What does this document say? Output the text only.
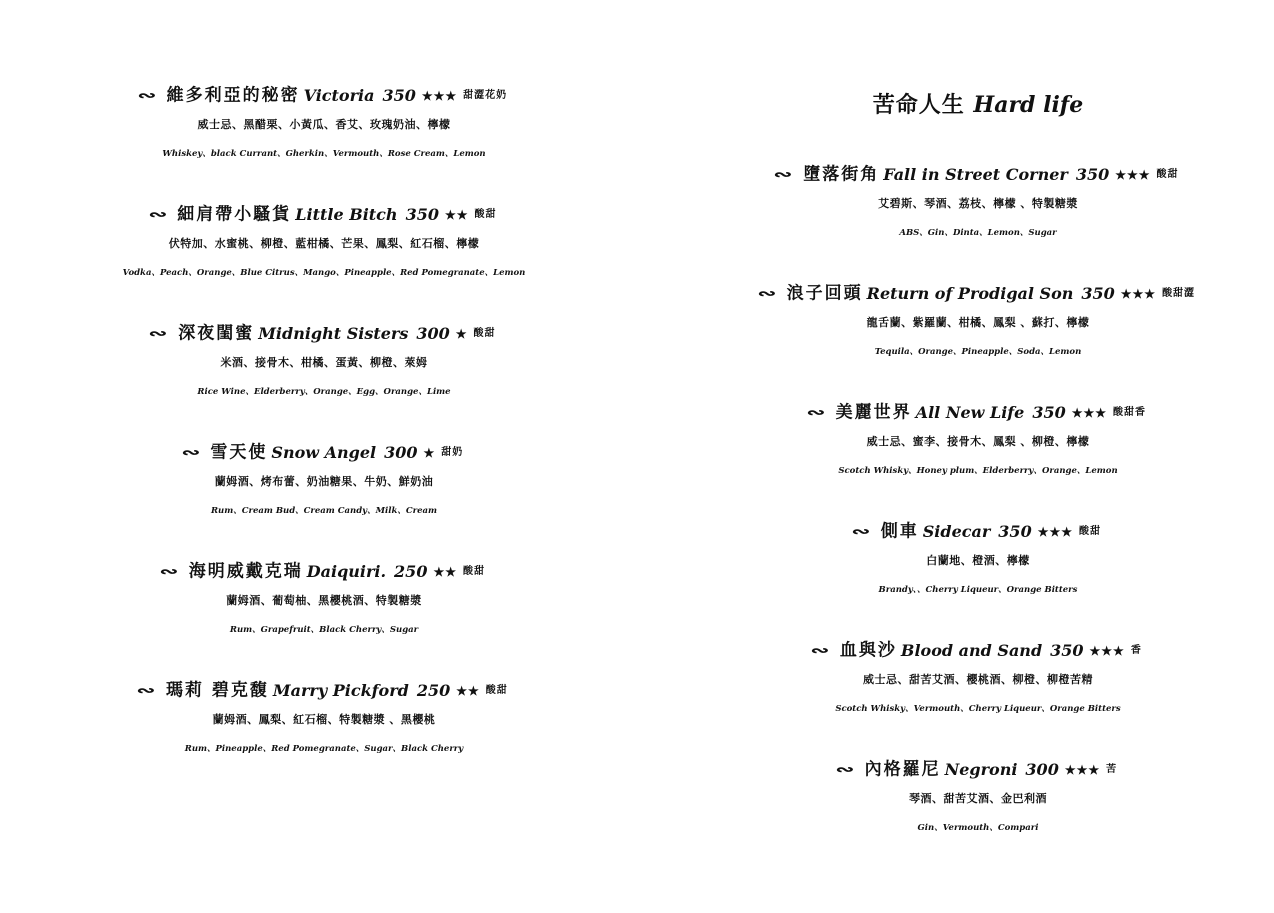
∾ 維多利亞的秘密 Victoria 350 ★★★ 甜澀花奶
威士忌、黑醋栗、小黃瓜、香艾、玫瑰奶油、檸檬
Whiskey、black Currant、Gherkin、Vermouth、Rose Cream、Lemon
∾ 細肩帶小騷貨 Little Bitch 350 ★★ 酸甜
伏特加、水蜜桃、柳橙、藍柑橘、芒果、鳳梨、紅石榴、檸檬
Vodka、Peach、Orange、Blue Citrus、Mango、Pineapple、Red Pomegranate、Lemon
∾ 深夜閨蜜 Midnight Sisters 300 ★ 酸甜
米酒、接骨木、柑橘、蛋黃、柳橙、萊姆
Rice Wine、Elderberry、Orange、Egg、Orange、Lime
∾ 雪天使 Snow Angel 300 ★ 甜奶
蘭姆酒、烤布蕾、奶油糖果、牛奶、鮮奶油
Rum、Cream Bud、Cream Candy、Milk、Cream
∾ 海明威戴克瑞 Daiquiri. 250 ★★ 酸甜
蘭姆酒、葡萄柚、黑櫻桃酒、特製糖漿
Rum、Grapefruit、Black Cherry、Sugar
∾ 瑪莉 碧克馥 Marry Pickford 250 ★★ 酸甜
蘭姆酒、鳳梨、紅石榴、特製糖漿 、黑櫻桃
Rum、Pineapple、Red Pomegranate、Sugar、Black Cherry
苦命人生 Hard life
∾ 墮落街角 Fall in Street Corner 350 ★★★ 酸甜
艾碧斯、琴酒、荔枝、檸檬 、特製糖漿
ABS、Gin、Dinta、Lemon、Sugar
∾ 浪子回頭 Return of Prodigal Son 350 ★★★ 酸甜澀
龍舌蘭、紫羅蘭、柑橘、鳳梨 、蘇打、檸檬
Tequila、Orange、Pineapple、Soda、Lemon
∾ 美麗世界 All New Life 350 ★★★ 酸甜香
威士忌、蜜李、接骨木、鳳梨 、柳橙、檸檬
Scotch Whisky、Honey plum、Elderberry、Orange、Lemon
∾ 側車 Sidecar 350 ★★★ 酸甜
白蘭地、橙酒、檸檬
Brandy、、Cherry Liqueur、Orange Bitters
∾ 血與沙 Blood and Sand 350 ★★★ 香
威士忌、甜苦艾酒、櫻桃酒、柳橙、柳橙苦精
Scotch Whisky、Vermouth、Cherry Liqueur、Orange Bitters
∾ 內格羅尼 Negroni 300 ★★★ 苦
琴酒、甜苦艾酒、金巴利酒
Gin、Vermouth、Compari
